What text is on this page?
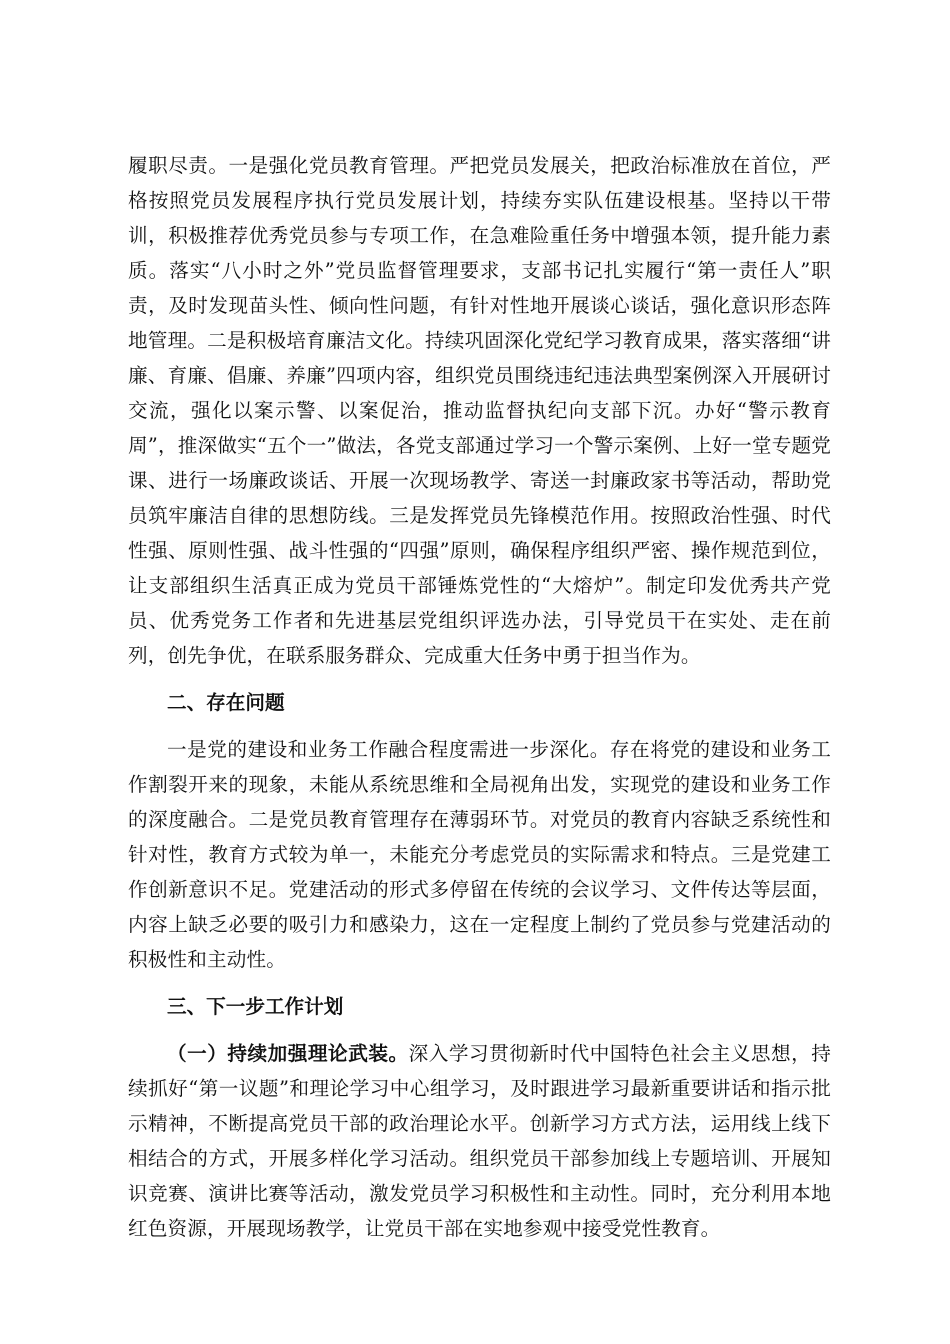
履职尽责。一是强化党员教育管理。严把党员发展关，把政治标准放在首位，严格按照党员发展程序执行党员发展计划，持续夯实队伍建设根基。坚持以干带训，积极推荐优秀党员参与专项工作，在急难险重任务中增强本领，提升能力素质。落实“八小时之外”党员监督管理要求，支部书记扎实履行“第一责任人”职责，及时发现苗头性、倾向性问题，有针对性地开展谈心谈话，强化意识形态阵地管理。二是积极培育廉洁文化。持续巩固深化党纪学习教育成果，落实落细“讲廉、育廉、倡廉、养廉”四项内容，组织党员围绕违纪违法典型案例深入开展研讨交流，强化以案示警、以案促治，推动监督执纪向支部下沉。办好“警示教育周”，推深做实“五个一”做法，各党支部通过学习一个警示案例、上好一堂专题党课、进行一场廉政谈话、开展一次现场教学、寄送一封廉政家书等活动，帮助党员筑牢廉洁自律的思想防线。三是发挥党员先锋模范作用。按照政治性强、时代性强、原则性强、战斗性强的“四强”原则，确保程序组织严密、操作规范到位，让支部组织生活真正成为党员干部锤炼党性的“大熔炉”。制定印发优秀共产党员、优秀党务工作者和先进基层党组织评选办法，引导党员干在实处、走在前列，创先争优，在联系服务群众、完成重大任务中勇于担当作为。

二、存在问题

一是党的建设和业务工作融合程度需进一步深化。存在将党的建设和业务工作割裂开来的现象，未能从系统思维和全局视角出发，实现党的建设和业务工作的深度融合。二是党员教育管理存在薄弱环节。对党员的教育内容缺乏系统性和针对性，教育方式较为单一，未能充分考虑党员的实际需求和特点。三是党建工作创新意识不足。党建活动的形式多停留在传统的会议学习、文件传达等层面，内容上缺乏必要的吸引力和感染力，这在一定程度上制约了党员参与党建活动的积极性和主动性。

三、下一步工作计划

（一）持续加强理论武装。深入学习贯彻新时代中国特色社会主义思想，持续抓好“第一议题”和理论学习中心组学习，及时跟进学习最新重要讲话和指示批示精神，不断提高党员干部的政治理论水平。创新学习方式方法，运用线上线下相结合的方式，开展多样化学习活动。组织党员干部参加线上专题培训、开展知识竞赛、演讲比赛等活动，激发党员学习积极性和主动性。同时，充分利用本地红色资源，开展现场教学，让党员干部在实地参观中接受党性教育。
